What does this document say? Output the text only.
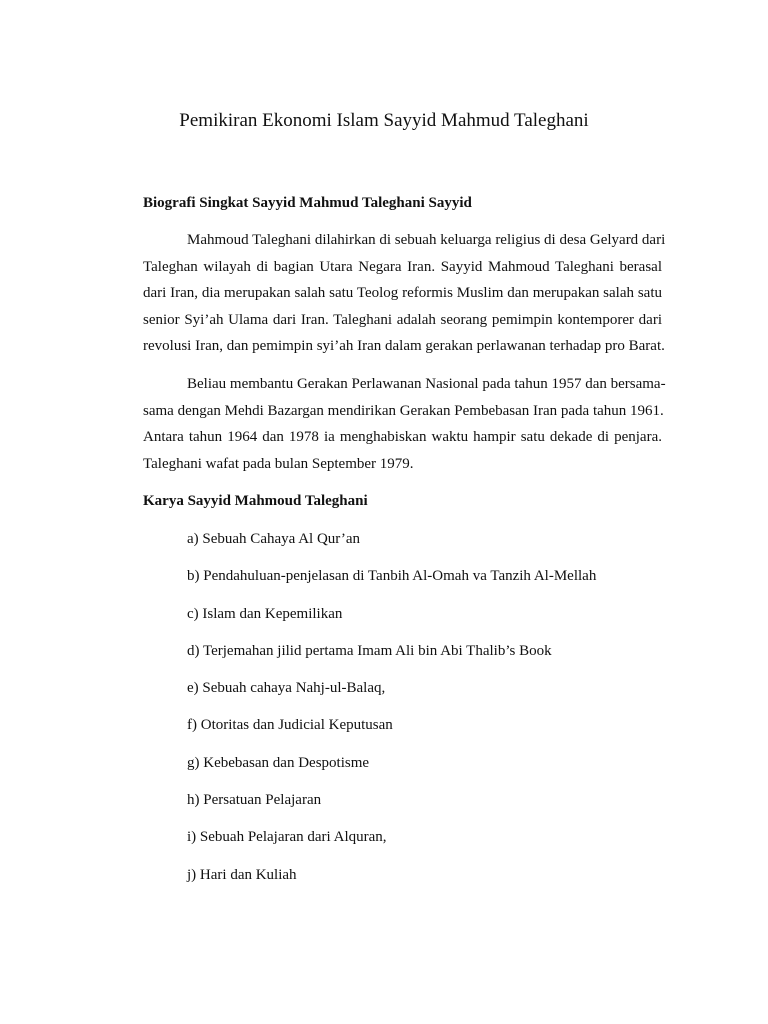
Pemikiran Ekonomi Islam Sayyid Mahmud Taleghani
Biografi Singkat Sayyid Mahmud Taleghani Sayyid
Mahmoud Taleghani dilahirkan di sebuah keluarga religius di desa Gelyard dari
Taleghan wilayah di bagian Utara Negara Iran. Sayyid Mahmoud Taleghani berasal
dari Iran, dia merupakan salah satu Teolog reformis Muslim dan merupakan salah satu
senior Syi’ah Ulama dari Iran. Taleghani adalah seorang pemimpin kontemporer dari
revolusi Iran, dan pemimpin syi’ah Iran dalam gerakan perlawanan terhadap pro Barat.
Beliau membantu Gerakan Perlawanan Nasional pada tahun 1957 dan bersama-
sama dengan Mehdi Bazargan mendirikan Gerakan Pembebasan Iran pada tahun 1961.
Antara tahun 1964 dan 1978 ia menghabiskan waktu hampir satu dekade di penjara.
Taleghani wafat pada bulan September 1979.
Karya Sayyid Mahmoud Taleghani
a) Sebuah Cahaya Al Qur’an
b) Pendahuluan-penjelasan di Tanbih Al-Omah va Tanzih Al-Mellah
c) Islam dan Kepemilikan
d) Terjemahan jilid pertama Imam Ali bin Abi Thalib’s Book
e) Sebuah cahaya Nahj-ul-Balaq,
f) Otoritas dan Judicial Keputusan
g) Kebebasan dan Despotisme
h) Persatuan Pelajaran
i) Sebuah Pelajaran dari Alquran,
j) Hari dan Kuliah
